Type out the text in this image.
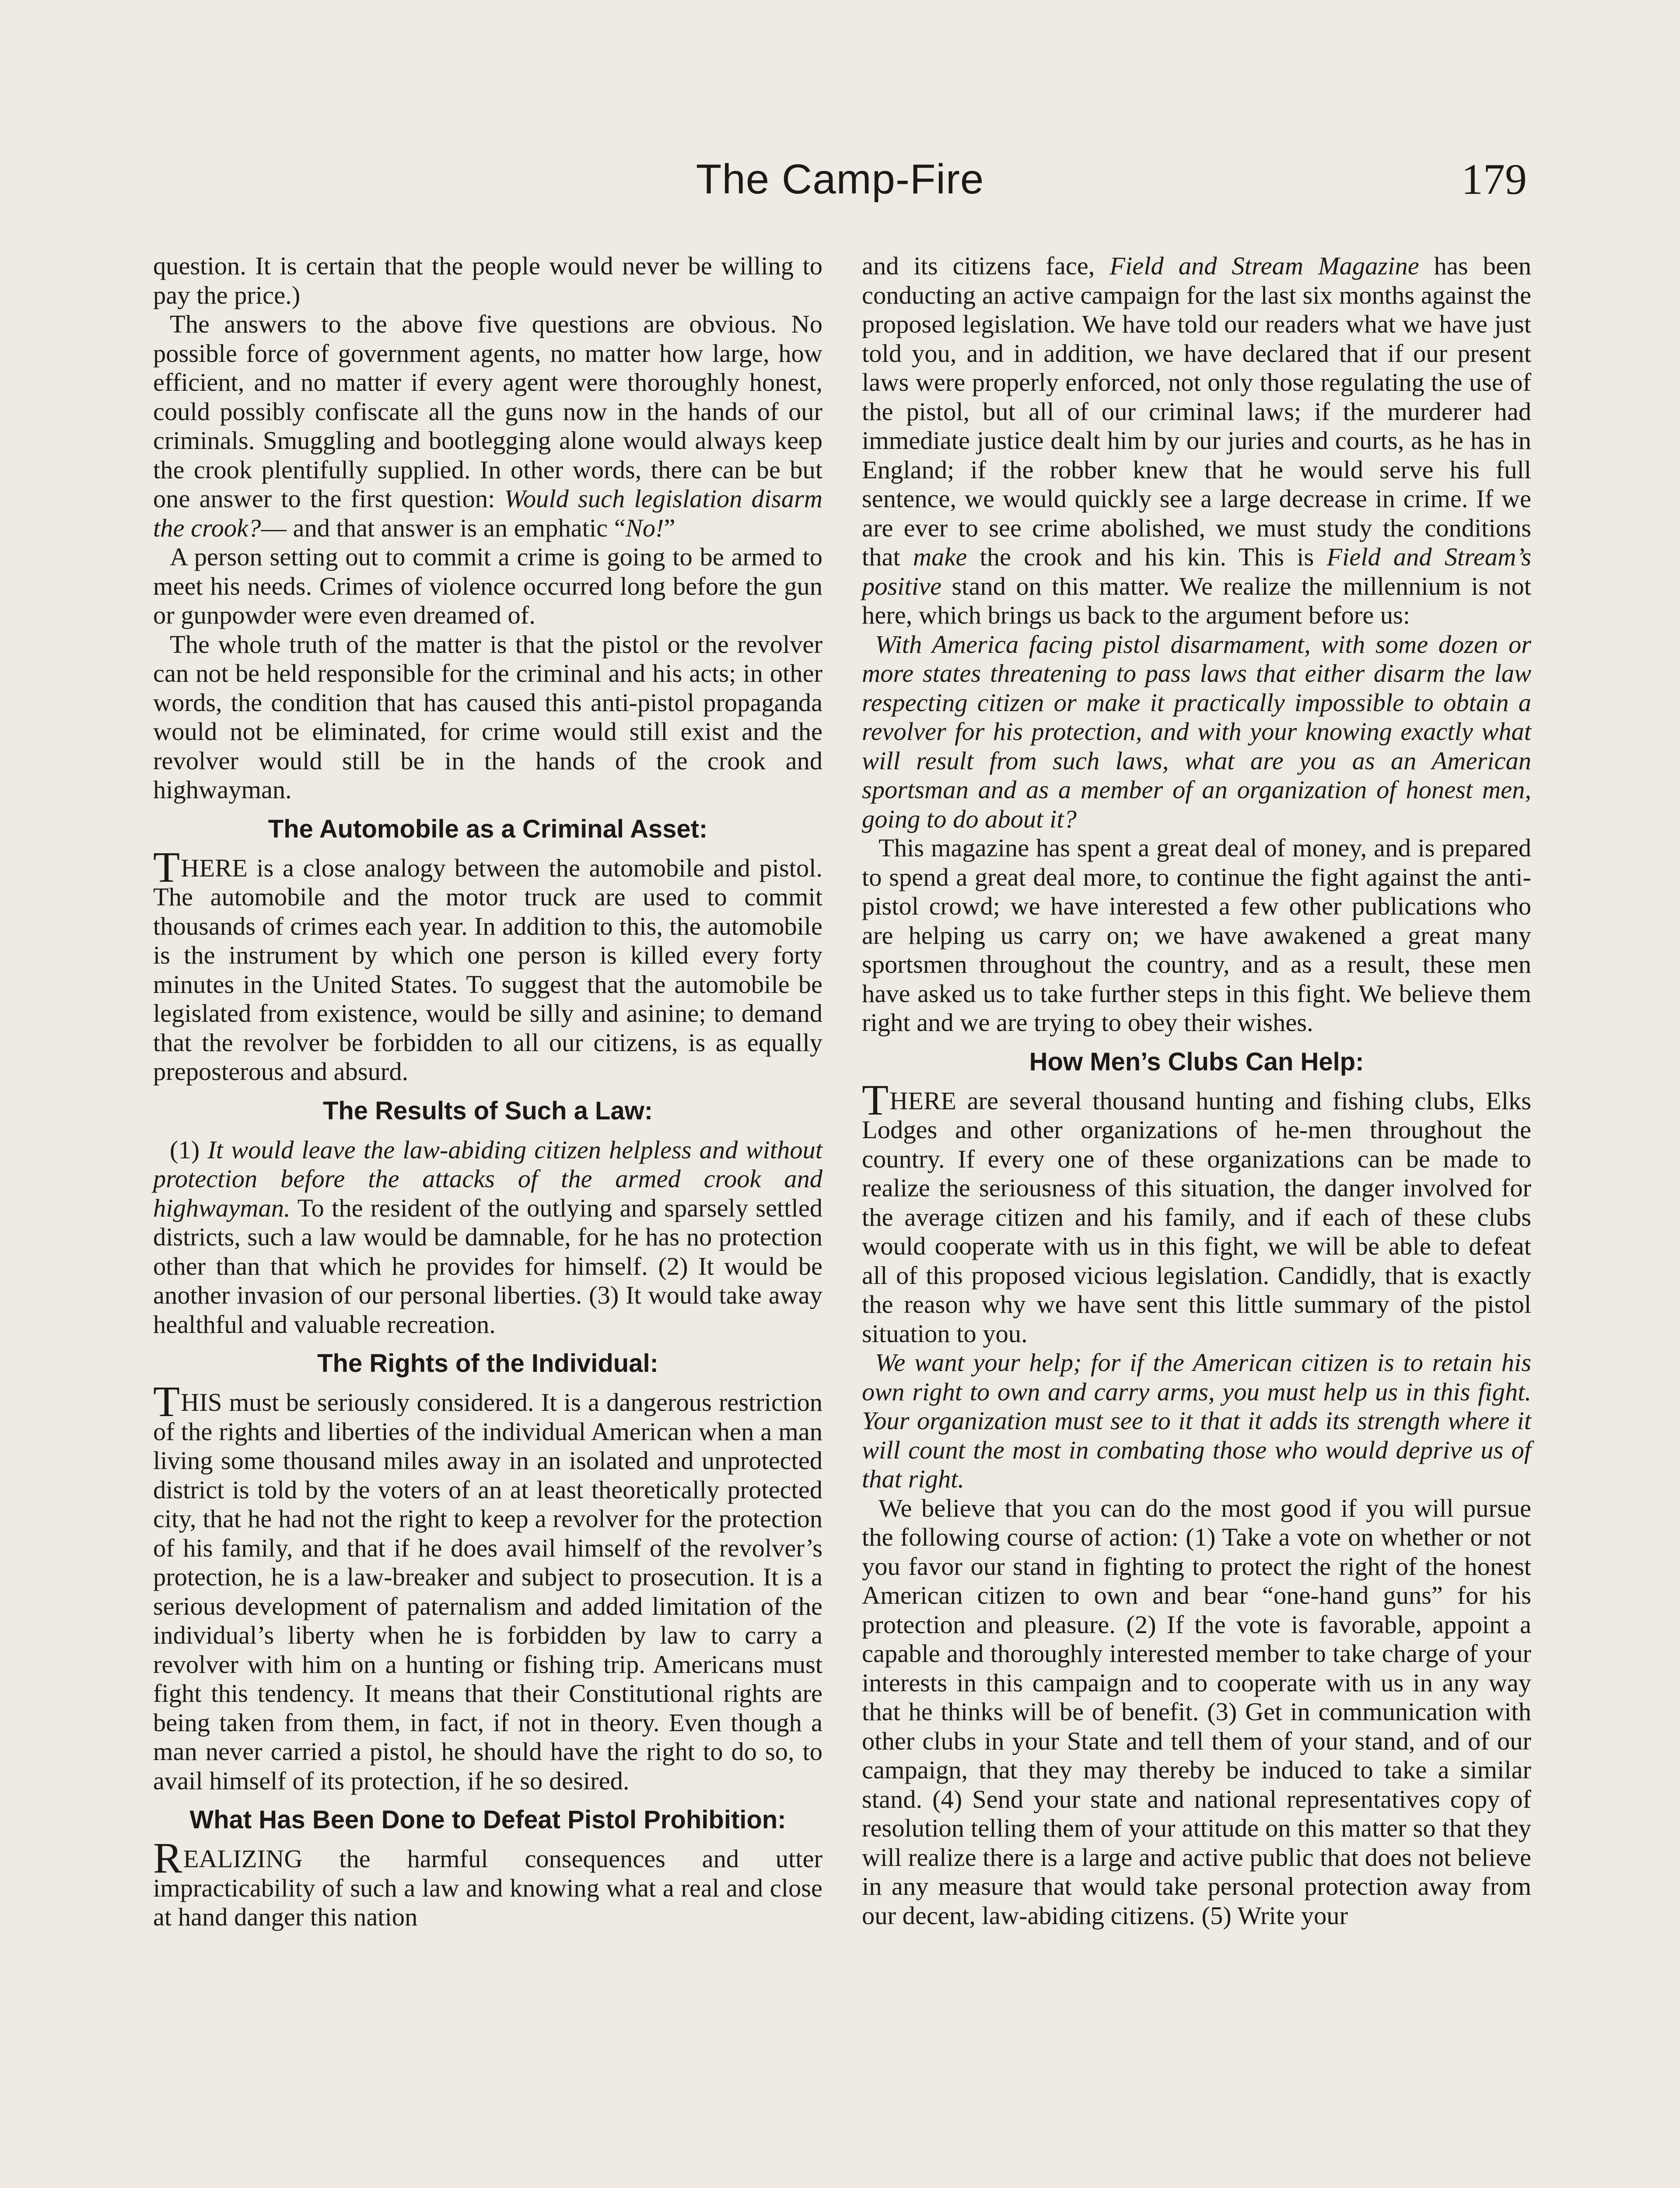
The Camp-Fire	179

question. It is certain that the people would never be willing to pay the price.)

The answers to the above five questions are obvious. No possible force of government agents, no matter how large, how efficient, and no matter if every agent were thoroughly honest, could possibly confiscate all the guns now in the hands of our criminals. Smuggling and bootlegging alone would always keep the crook plentifully supplied. In other words, there can be but one answer to the first question: Would such legislation disarm the crook?— and that answer is an emphatic “No!”

A person setting out to commit a crime is going to be armed to meet his needs. Crimes of violence occurred long before the gun or gunpowder were even dreamed of.

The whole truth of the matter is that the pistol or the revolver can not be held responsible for the criminal and his acts; in other words, the condition that has caused this anti-pistol propaganda would not be eliminated, for crime would still exist and the revolver would still be in the hands of the crook and highwayman.

The Automobile as a Criminal Asset:

THERE is a close analogy between the automobile and pistol. The automobile and the motor truck are used to commit thousands of crimes each year. In addition to this, the automobile is the instrument by which one person is killed every forty minutes in the United States. To suggest that the automobile be legislated from existence, would be silly and asinine; to demand that the revolver be forbidden to all our citizens, is as equally preposterous and absurd.

The Results of Such a Law:

(1) It would leave the law-abiding citizen helpless and without protection before the attacks of the armed crook and highwayman. To the resident of the outlying and sparsely settled districts, such a law would be damnable, for he has no protection other than that which he provides for himself. (2) It would be another invasion of our personal liberties. (3) It would take away healthful and valuable recreation.

The Rights of the Individual:

THIS must be seriously considered. It is a dangerous restriction of the rights and liberties of the individual American when a man living some thousand miles away in an isolated and unprotected district is told by the voters of an at least theoretically protected city, that he had not the right to keep a revolver for the protection of his family, and that if he does avail himself of the revolver’s protection, he is a law-breaker and subject to prosecution. It is a serious development of paternalism and added limitation of the individual’s liberty when he is forbidden by law to carry a revolver with him on a hunting or fishing trip. Americans must fight this tendency. It means that their Constitutional rights are being taken from them, in fact, if not in theory. Even though a man never carried a pistol, he should have the right to do so, to avail himself of its protection, if he so desired.

What Has Been Done to Defeat Pistol Prohibition:

REALIZING the harmful consequences and utter impracticability of such a law and knowing what a real and close at hand danger this nation

and its citizens face, Field and Stream Magazine has been conducting an active campaign for the last six months against the proposed legislation. We have told our readers what we have just told you, and in addition, we have declared that if our present laws were properly enforced, not only those regulating the use of the pistol, but all of our criminal laws; if the murderer had immediate justice dealt him by our juries and courts, as he has in England; if the robber knew that he would serve his full sentence, we would quickly see a large decrease in crime. If we are ever to see crime abolished, we must study the conditions that make the crook and his kin. This is Field and Stream’s positive stand on this matter. We realize the millennium is not here, which brings us back to the argument before us:

With America facing pistol disarmament, with some dozen or more states threatening to pass laws that either disarm the law respecting citizen or make it practically impossible to obtain a revolver for his protection, and with your knowing exactly what will result from such laws, what are you as an American sportsman and as a member of an organization of honest men, going to do about it?

This magazine has spent a great deal of money, and is prepared to spend a great deal more, to continue the fight against the anti-pistol crowd; we have interested a few other publications who are helping us carry on; we have awakened a great many sportsmen throughout the country, and as a result, these men have asked us to take further steps in this fight. We believe them right and we are trying to obey their wishes.

How Men’s Clubs Can Help:

THERE are several thousand hunting and fishing clubs, Elks Lodges and other organizations of he-men throughout the country. If every one of these organizations can be made to realize the seriousness of this situation, the danger involved for the average citizen and his family, and if each of these clubs would cooperate with us in this fight, we will be able to defeat all of this proposed vicious legislation. Candidly, that is exactly the reason why we have sent this little summary of the pistol situation to you.

We want your help; for if the American citizen is to retain his own right to own and carry arms, you must help us in this fight. Your organization must see to it that it adds its strength where it will count the most in combating those who would deprive us of that right.

We believe that you can do the most good if you will pursue the following course of action: (1) Take a vote on whether or not you favor our stand in fighting to protect the right of the honest American citizen to own and bear “one-hand guns” for his protection and pleasure. (2) If the vote is favorable, appoint a capable and thoroughly interested member to take charge of your interests in this campaign and to cooperate with us in any way that he thinks will be of benefit. (3) Get in communication with other clubs in your State and tell them of your stand, and of our campaign, that they may thereby be induced to take a similar stand. (4) Send your state and national representatives copy of resolution telling them of your attitude on this matter so that they will realize there is a large and active public that does not believe in any measure that would take personal protection away from our decent, law-abiding citizens. (5) Write your
